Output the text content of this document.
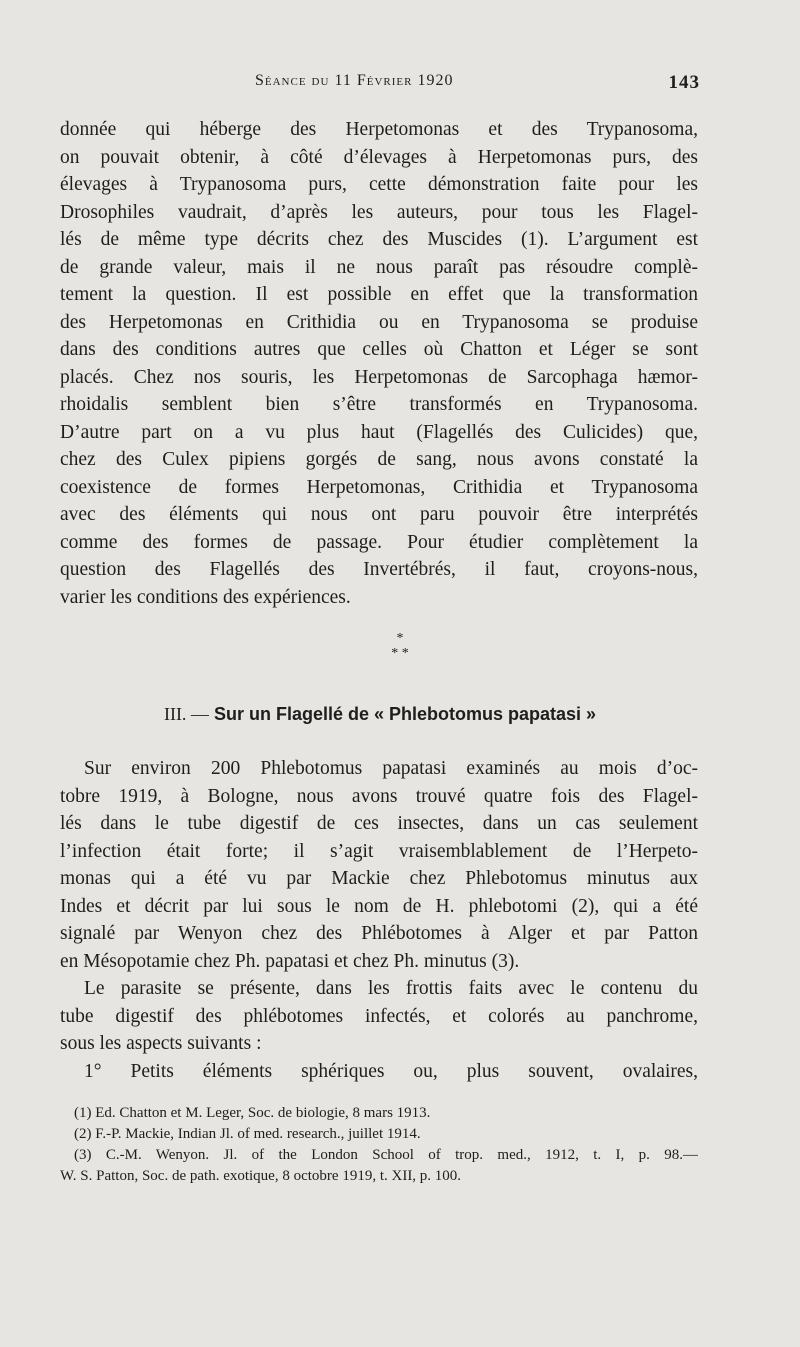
Séance du 11 Février 1920	143
donnée qui héberge des Herpetomonas et des Trypanosoma,
on pouvait obtenir, à côté d’élevages à Herpetomonas purs, des
élevages à Trypanosoma purs, cette démonstration faite pour les
Drosophiles vaudrait, d’après les auteurs, pour tous les Flagel-
lés de même type décrits chez des Muscides (1). L’argument est
de grande valeur, mais il ne nous paraît pas résoudre complè-
tement la question. Il est possible en effet que la transformation
des Herpetomonas en Crithidia ou en Trypanosoma se produise
dans des conditions autres que celles où Chatton et Léger se sont
placés. Chez nos souris, les Herpetomonas de Sarcophaga hæmor-
rhoidalis semblent bien s’être transformés en Trypanosoma.
D’autre part on a vu plus haut (Flagellés des Culicides) que,
chez des Culex pipiens gorgés de sang, nous avons constaté la
coexistence de formes Herpetomonas, Crithidia et Trypanosoma
avec des éléments qui nous ont paru pouvoir être interprétés
comme des formes de passage. Pour étudier complètement la
question des Flagellés des Invertébrés, il faut, croyons-nous,
varier les conditions des expériences.
*
* *
III. — Sur un Flagellé de « Phlebotomus papatasi »
Sur environ 200 Phlebotomus papatasi examinés au mois d’oc-
tobre 1919, à Bologne, nous avons trouvé quatre fois des Flagel-
lés dans le tube digestif de ces insectes, dans un cas seulement
l’infection était forte; il s’agit vraisemblablement de l’Herpeto-
monas qui a été vu par Mackie chez Phlebotomus minutus aux
Indes et décrit par lui sous le nom de H. phlebotomi (2), qui a été
signalé par Wenyon chez des Phlébotomes à Alger et par Patton
en Mésopotamie chez Ph. papatasi et chez Ph. minutus (3).
Le parasite se présente, dans les frottis faits avec le contenu du
tube digestif des phlébotomes infectés, et colorés au panchrome,
sous les aspects suivants :
1° Petits éléments sphériques ou, plus souvent, ovalaires,
(1) Ed. Chatton et M. Leger, Soc. de biologie, 8 mars 1913.
(2) F.-P. Mackie, Indian Jl. of med. research., juillet 1914.
(3) C.-M. Wenyon. Jl. of the London School of trop. med., 1912, t. I, p. 98.—
W. S. Patton, Soc. de path. exotique, 8 octobre 1919, t. XII, p. 100.
